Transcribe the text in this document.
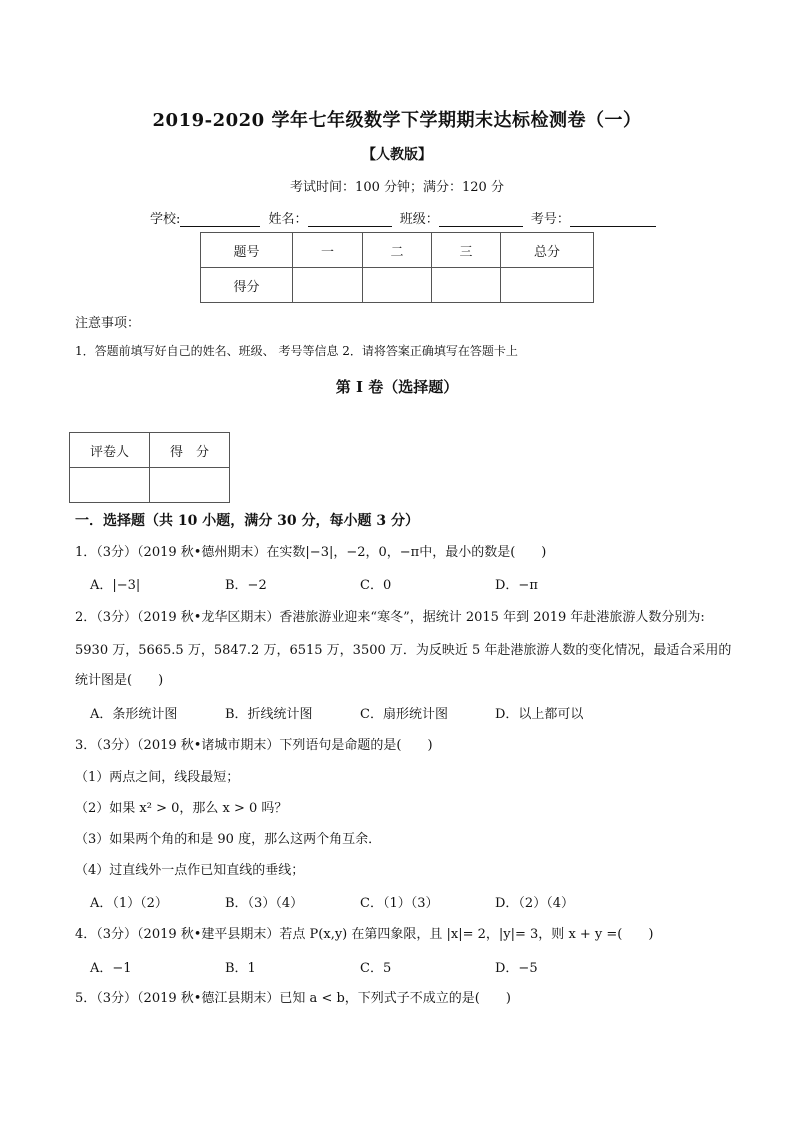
2019-2020 学年七年级数学下学期期末达标检测卷（一）
【人教版】
考试时间：100 分钟；满分：120 分
学校:	姓名：	班级：	考号：
题号	一	二	三	总分
得分				
注意事项：
1．答题前填写好自己的姓名、班级、 考号等信息 2．请将答案正确填写在答题卡上
第 I 卷（选择题）
评卷人	得　分

一．选择题（共 10 小题，满分 30 分，每小题 3 分）
1．（3分）（2019 秋•德州期末）在实数|−3|，−2，0，−π中，最小的数是(　　)
A．|−3|	B．−2	C．0	D．−π
2．（3分）（2019 秋•龙华区期末）香港旅游业迎来“寒冬”，据统计 2015 年到 2019 年赴港旅游人数分别为:
5930 万，5665.5 万，5847.2 万，6515 万，3500 万．为反映近 5 年赴港旅游人数的变化情况，最适合采用的
统计图是(　　)
A．条形统计图	B．折线统计图	C．扇形统计图	D．以上都可以
3．（3分）（2019 秋•诸城市期末）下列语句是命题的是(　　)
（1）两点之间，线段最短；
（2）如果 x² > 0，那么 x > 0 吗？
（3）如果两个角的和是 90 度，那么这两个角互余．
（4）过直线外一点作已知直线的垂线；
A．（1）（2）	B．（3）（4）	C．（1）（3）	D．（2）（4）
4．（3分）（2019 秋•建平县期末）若点 P(x,y) 在第四象限，且 |x|= 2，|y|= 3，则 x + y =(　　)
A．−1	B．1	C．5	D．−5
5．（3分）（2019 秋•德江县期末）已知 a < b，下列式子不成立的是(　　)
